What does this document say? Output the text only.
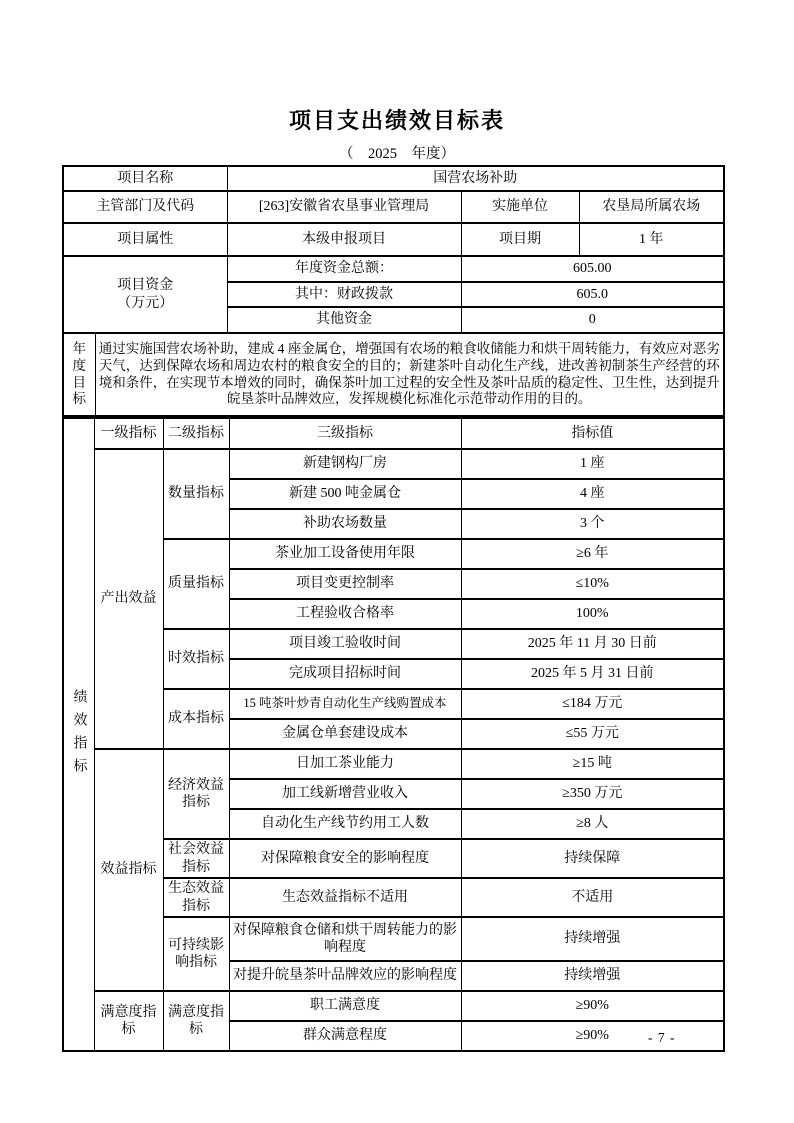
项目支出绩效目标表
（　2025　年度）
项目名称	国营农场补助		
主管部门及代码	[263]安徽省农垦事业管理局	实施单位	农垦局所属农场
项目属性	本级申报项目	项目期	1 年

项目资金
（万元）	年度资金总额：	605.00	
	其中：财政拨款	605.0	
	其他资金	0	
年度目标	通过实施国营农场补助，建成 4 座金属仓，增强国有农场的粮食收储能力和烘干周转能力，有效应对恶劣天气，达到保障农场和周边农村的粮食安全的目的；新建茶叶自动化生产线，进改善初制茶生产经营的环境和条件，在实现节本增效的同时，确保茶叶加工过程的安全性及茶叶品质的稳定性、卫生性，达到提升皖垦茶叶品牌效应，发挥规模化标准化示范带动作用的目的。
绩效指标	一级指标	二级指标	三级指标	指标值
	产出效益	数量指标	新建钢构厂房	1 座
			新建 500 吨金属仓	4 座
			补助农场数量	3 个
		质量指标	茶业加工设备使用年限	≥6 年
			项目变更控制率	≤10%
			工程验收合格率	100%
		时效指标	项目竣工验收时间	2025 年 11 月 30 日前
			完成项目招标时间	2025 年 5 月 31 日前
		成本指标	15 吨茶叶炒青自动化生产线购置成本	≤184 万元
			金属仓单套建设成本	≤55 万元
	效益指标	经济效益指标	日加工茶业能力	≥15 吨
			加工线新增营业收入	≥350 万元
			自动化生产线节约用工人数	≥8 人
		社会效益指标	对保障粮食安全的影响程度	持续保障
		生态效益指标	生态效益指标不适用	不适用
		可持续影响指标	对保障粮食仓储和烘干周转能力的影响程度	持续增强
			对提升皖垦茶叶品牌效应的影响程度	持续增强
	满意度指标	满意度指标	职工满意度	≥90%
			群众满意程度	≥90%	- 7 -
